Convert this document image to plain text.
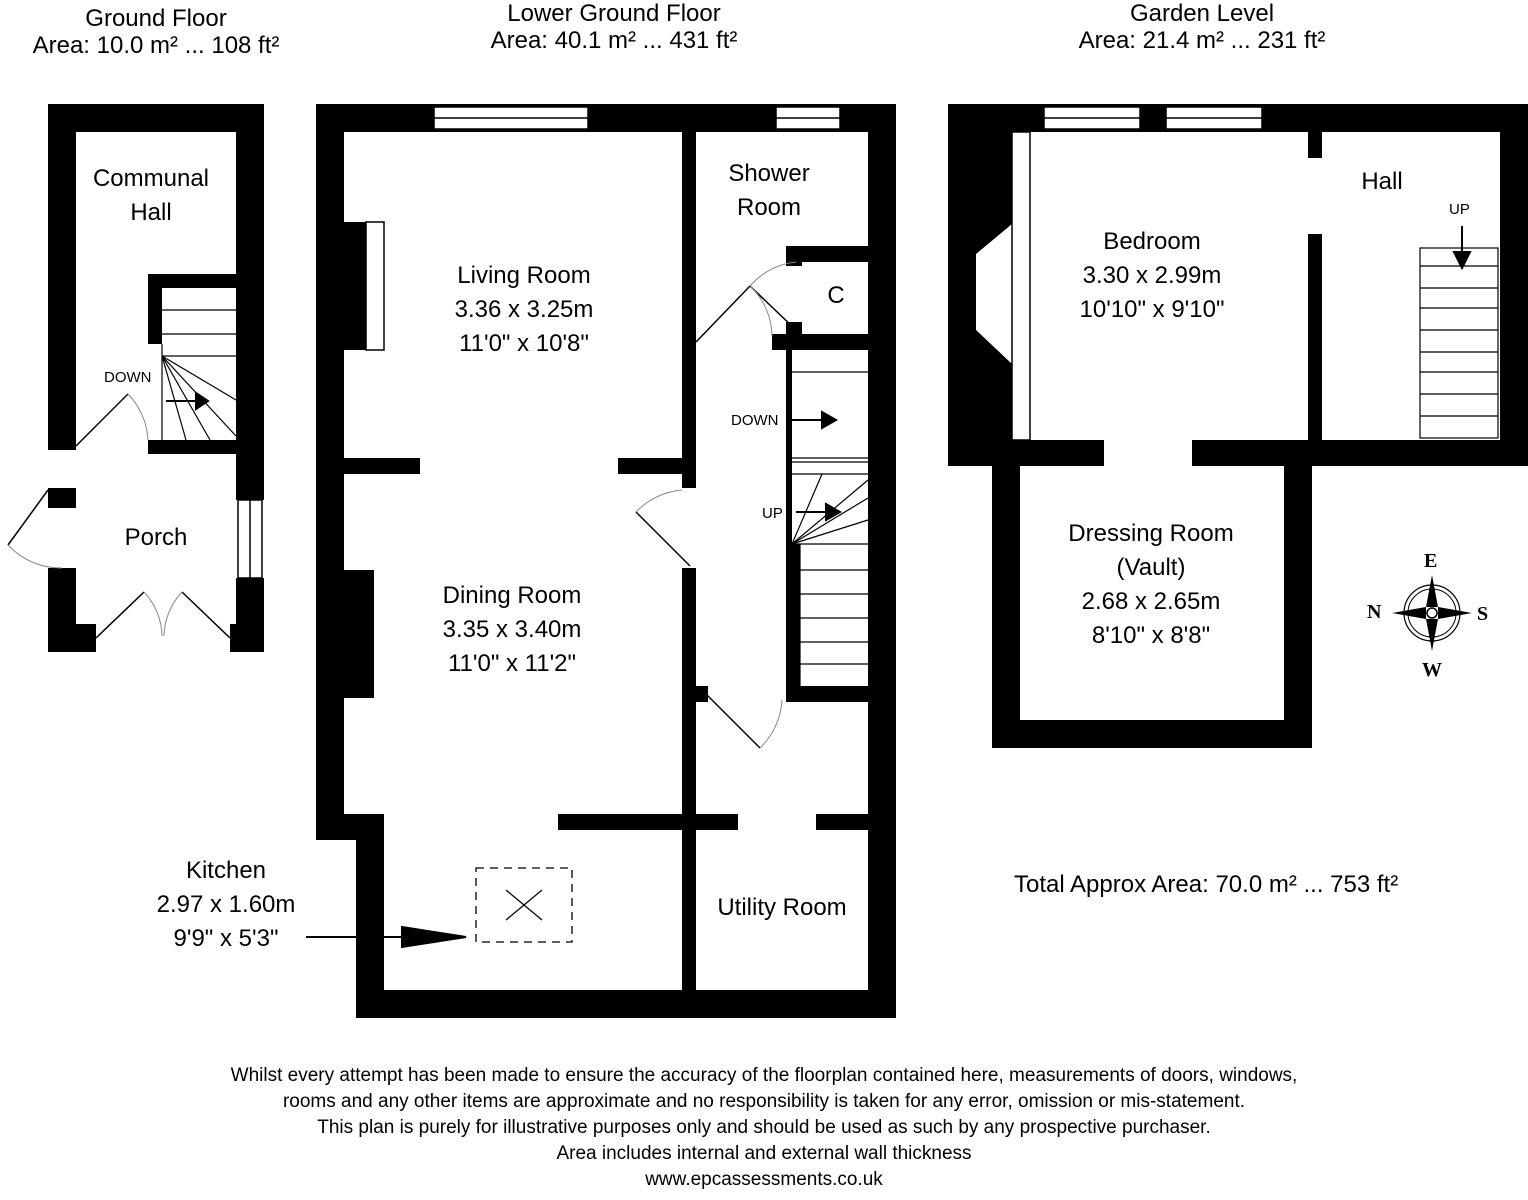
Ground Floor
Area: 10.0 m² ... 108 ft²
Lower Ground Floor
Area: 40.1 m² ... 431 ft²
Garden Level
Area: 21.4 m² ... 231 ft²
Communal
Hall
Porch
Living Room
3.36 x 3.25m
11'0" x 10'8"
Dining Room
3.35 x 3.40m
11'0" x 11'2"
Kitchen
2.97 x 1.60m
9'9" x 5'3"
Shower
Room
C
Utility Room
Bedroom
3.30 x 2.99m
10'10" x 9'10"
Hall
Dressing Room
(Vault)
2.68 x 2.65m
8'10" x 8'8"
DOWN
DOWN
UP
UP
E
N	S
W
Total Approx Area: 70.0 m² ... 753 ft²
Whilst every attempt has been made to ensure the accuracy of the floorplan contained here, measurements of doors, windows,
rooms and any other items are approximate and no responsibility is taken for any error, omission or mis-statement.
This plan is purely for illustrative purposes only and should be used as such by any prospective purchaser.
Area includes internal and external wall thickness
www.epcassessments.co.uk
